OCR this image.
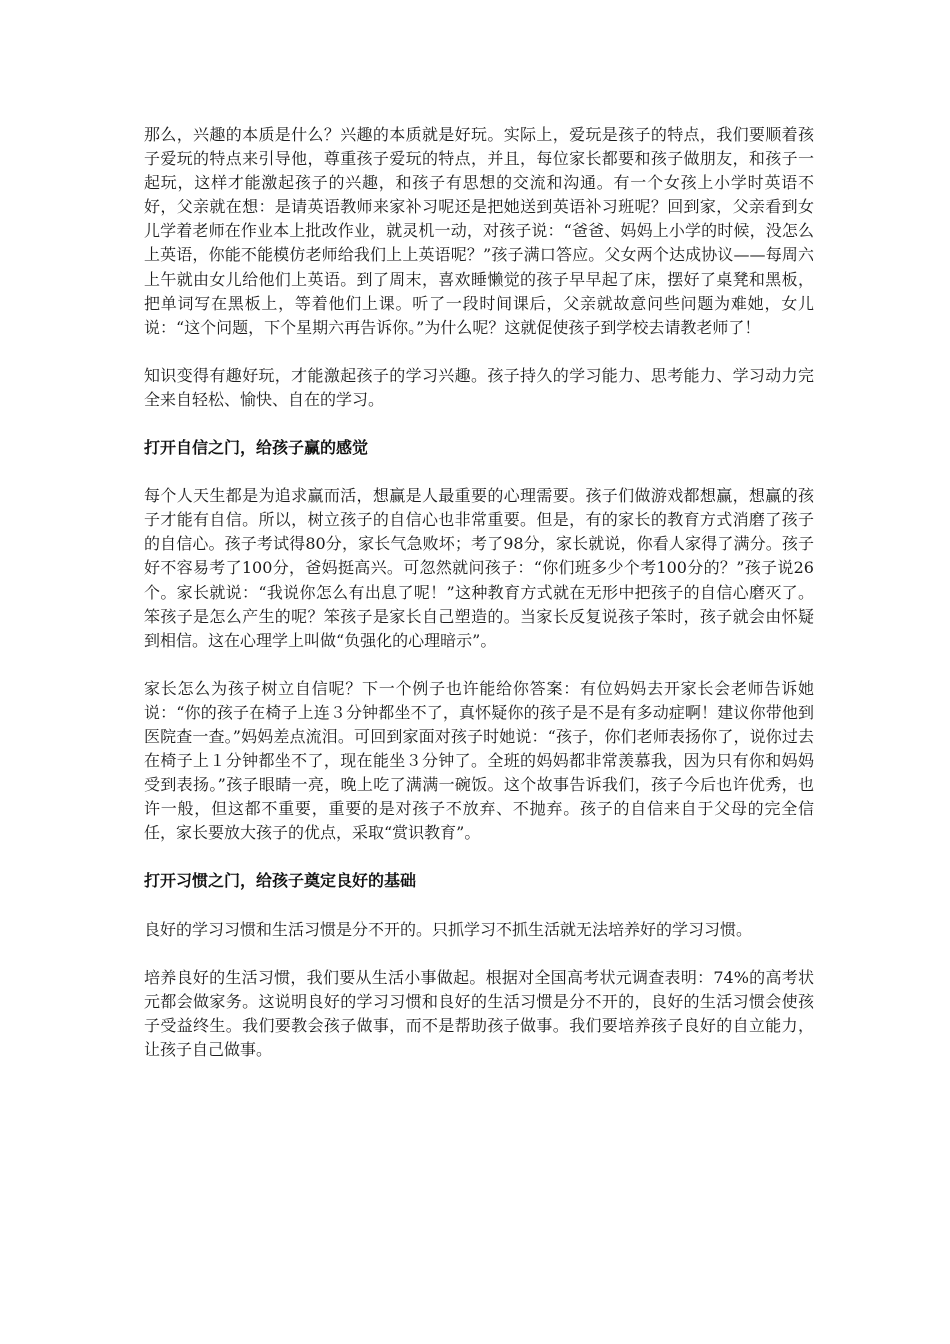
那么，兴趣的本质是什么？兴趣的本质就是好玩。实际上，爱玩是孩子的特点，我们要顺着孩子爱玩的特点来引导他，尊重孩子爱玩的特点，并且，每位家长都要和孩子做朋友，和孩子一起玩，这样才能激起孩子的兴趣，和孩子有思想的交流和沟通。有一个女孩上小学时英语不好，父亲就在想：是请英语教师来家补习呢还是把她送到英语补习班呢？回到家，父亲看到女儿学着老师在作业本上批改作业，就灵机一动，对孩子说：“爸爸、妈妈上小学的时候，没怎么上英语，你能不能模仿老师给我们上上英语呢？”孩子满口答应。父女两个达成协议——每周六上午就由女儿给他们上英语。到了周末，喜欢睡懒觉的孩子早早起了床，摆好了桌凳和黑板，把单词写在黑板上，等着他们上课。听了一段时间课后，父亲就故意问些问题为难她，女儿说：“这个问题，下个星期六再告诉你。”为什么呢？这就促使孩子到学校去请教老师了！

知识变得有趣好玩，才能激起孩子的学习兴趣。孩子持久的学习能力、思考能力、学习动力完全来自轻松、愉快、自在的学习。

打开自信之门，给孩子赢的感觉

每个人天生都是为追求赢而活，想赢是人最重要的心理需要。孩子们做游戏都想赢，想赢的孩子才能有自信。所以，树立孩子的自信心也非常重要。但是，有的家长的教育方式消磨了孩子的自信心。孩子考试得80分，家长气急败坏；考了98分，家长就说，你看人家得了满分。孩子好不容易考了100分，爸妈挺高兴。可忽然就问孩子：“你们班多少个考100分的？”孩子说26个。家长就说：“我说你怎么有出息了呢！”这种教育方式就在无形中把孩子的自信心磨灭了。笨孩子是怎么产生的呢？笨孩子是家长自己塑造的。当家长反复说孩子笨时，孩子就会由怀疑到相信。这在心理学上叫做“负强化的心理暗示”。

家长怎么为孩子树立自信呢？下一个例子也许能给你答案：有位妈妈去开家长会老师告诉她说：“你的孩子在椅子上连３分钟都坐不了，真怀疑你的孩子是不是有多动症啊！建议你带他到医院查一查。”妈妈差点流泪。可回到家面对孩子时她说：“孩子，你们老师表扬你了，说你过去在椅子上１分钟都坐不了，现在能坐３分钟了。全班的妈妈都非常羡慕我，因为只有你和妈妈受到表扬。”孩子眼睛一亮，晚上吃了满满一碗饭。这个故事告诉我们，孩子今后也许优秀，也许一般，但这都不重要，重要的是对孩子不放弃、不抛弃。孩子的自信来自于父母的完全信任，家长要放大孩子的优点，采取“赏识教育”。

打开习惯之门，给孩子奠定良好的基础

良好的学习习惯和生活习惯是分不开的。只抓学习不抓生活就无法培养好的学习习惯。

培养良好的生活习惯，我们要从生活小事做起。根据对全国高考状元调查表明：74%的高考状元都会做家务。这说明良好的学习习惯和良好的生活习惯是分不开的，良好的生活习惯会使孩子受益终生。我们要教会孩子做事，而不是帮助孩子做事。我们要培养孩子良好的自立能力，让孩子自己做事。
